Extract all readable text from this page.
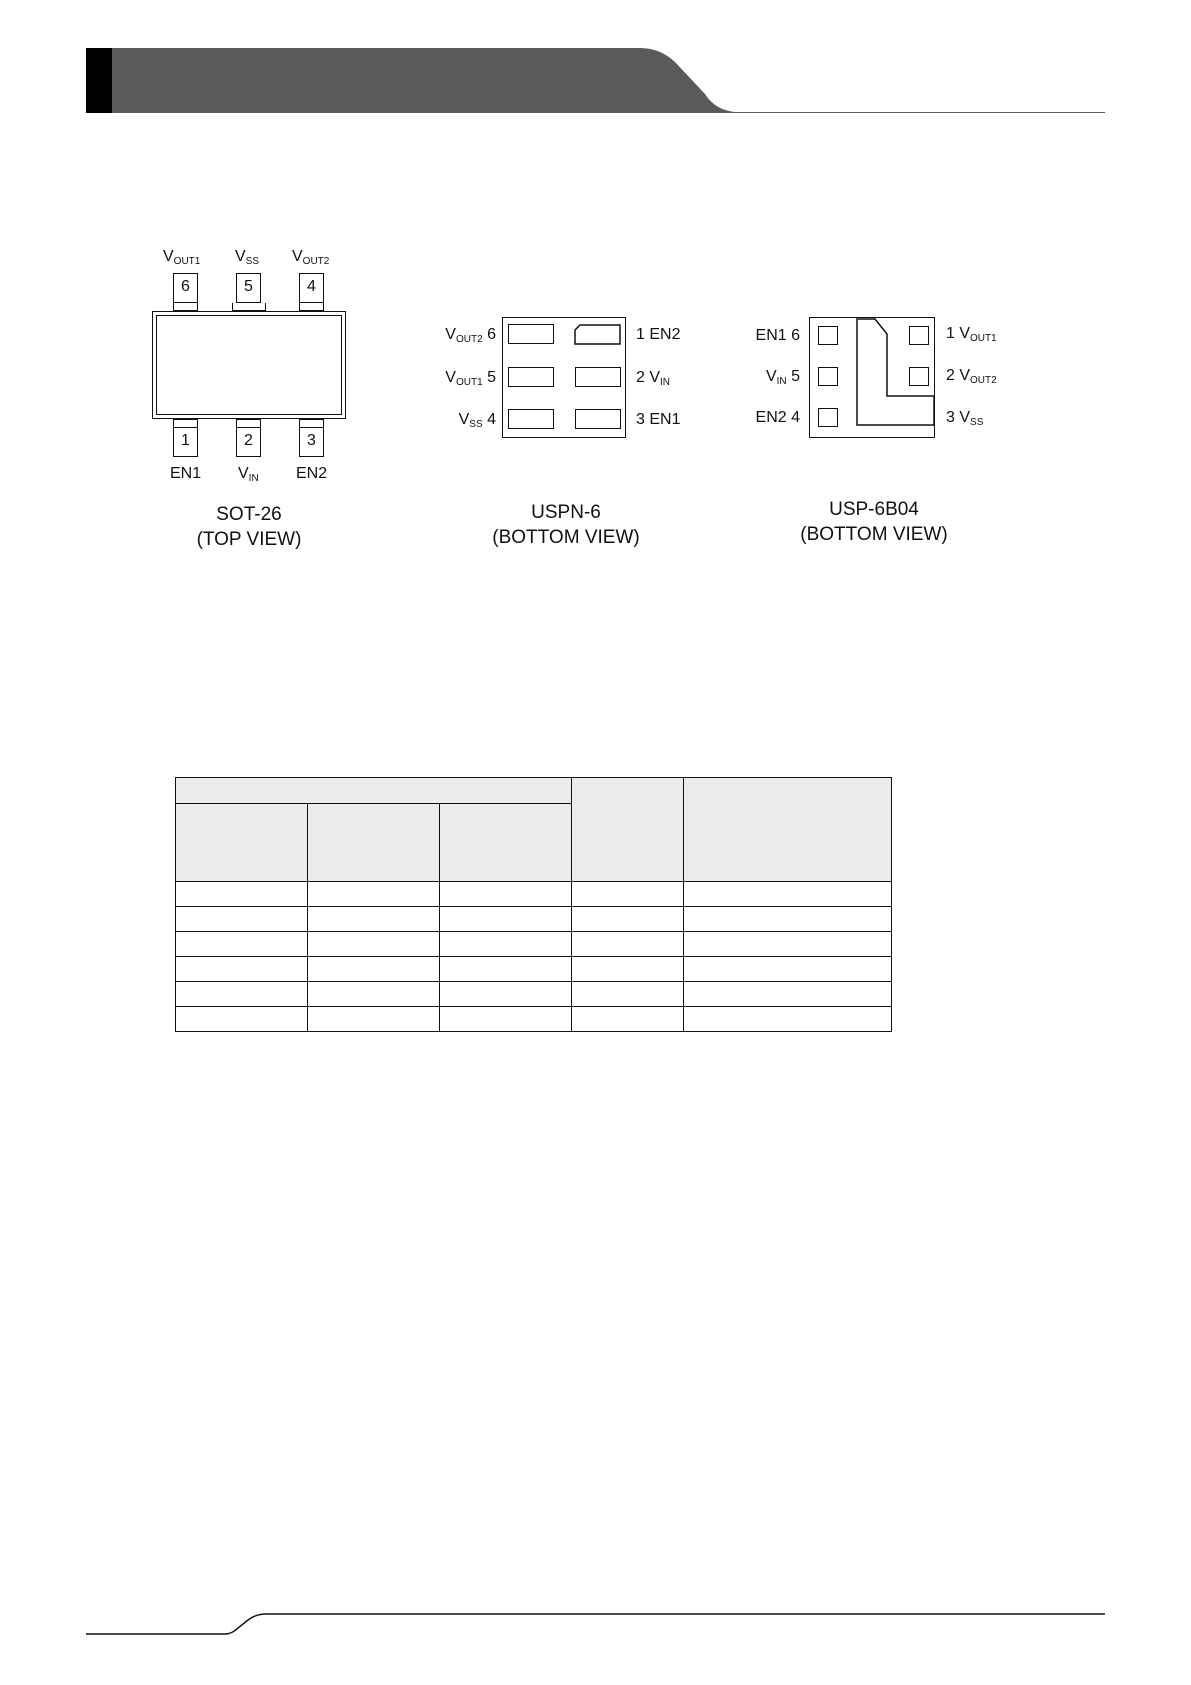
$V_{OUT1}$ $V_{SS}$ $V_{OUT2}$
6	5	4
1	2	3
EN1 $V_{IN}$ EN2
SOT-26
(TOP VIEW)
$V_{OUT2}$ 6
$V_{OUT1}$ 5
$V_{SS}$ 4
1 EN2
2 $V_{IN}$
3 EN1
USPN-6
(BOTTOM VIEW)
EN1 6
$V_{IN}$ 5
EN2 4
1 $V_{OUT1}$
2 $V_{OUT2}$
3 $V_{SS}$
USP-6B04
(BOTTOM VIEW)
